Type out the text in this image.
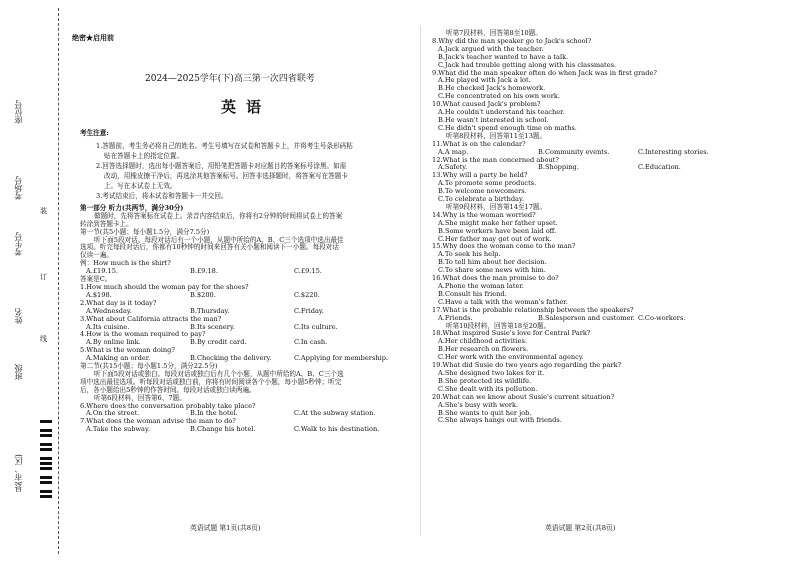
座位号
考场号
考生号
姓名
班级
县(市、区)
装
订
线
绝密★启用前
2024—2025学年(下)高三第一次四省联考
英语
考生注意:
1.答题前，考生务必将自己的姓名、考生号填写在试卷和答题卡上，并将考生号条形码粘
贴在答题卡上的指定位置。
2.回答选择题时，选出每小题答案后，用铅笔把答题卡对应题目的答案标号涂黑。如需
改动，用橡皮擦干净后，再选涂其他答案标号。回答非选择题时，将答案写在答题卡
上。写在本试卷上无效。
3.考试结束后，将本试卷和答题卡一并交回。
第一部分 听力(共两节，满分30分)
做题时，先将答案标在试卷上。录音内容结束后，你将有2分钟的时间将试卷上的答案
转涂到答题卡上。
第一节(共5小题；每小题1.5分，满分7.5分)
听下面5段对话。每段对话后有一个小题，从题中所给的A、B、C三个选项中选出最佳
选项。听完每段对话后，你都有10秒钟的时间来回答有关小题和阅读下一小题。每段对话
仅读一遍。
例：How much is the shirt?
A.£19.15.	B.£9.18.	C.£9.15.
答案是C。
1.How much should the woman pay for the shoes?
A.$198.	B.$200.	C.$220.
2.What day is it today?
A.Wednesday.	B.Thursday.	C.Friday.
3.What about California attracts the man?
A.Its cuisine.	B.Its scenery.	C.Its culture.
4.How is the woman required to pay?
A.By online link.	B.By credit card.	C.In cash.
5.What is the woman doing?
A.Making an order.	B.Checking the delivery.	C.Applying for membership.
第二节(共15小题；每小题1.5分，满分22.5分)
听下面5段对话或独白。每段对话或独白后有几个小题，从题中所给的A、B、C三个选
项中选出最佳选项。听每段对话或独白前，你将有时间阅读各个小题，每小题5秒钟；听完
后，各小题给出5秒钟的作答时间。每段对话或独白读两遍。
听第6段材料，回答第6、7题。
6.Where does the conversation probably take place?
A.On the street.	B.In the hotel.	C.At the subway station.
7.What does the woman advise the man to do?
A.Take the subway.	B.Change his hotel.	C.Walk to his destination.
听第7段材料，回答第8至10题。
8.Why did the man speaker go to Jack's school?
A.Jack argued with the teacher.
B.Jack's teacher wanted to have a talk.
C.Jack had trouble getting along with his classmates.
9.What did the man speaker often do when Jack was in first grade?
A.He played with Jack a lot.
B.He checked Jack's homework.
C.He concentrated on his own work.
10.What caused Jack's problem?
A.He couldn't understand his teacher.
B.He wasn't interested in school.
C.He didn't spend enough time on maths.
听第8段材料，回答第11至13题。
11.What is on the calendar?
A.A map.	B.Community events.	C.Interesting stories.
12.What is the man concerned about?
A.Safety.	B.Shopping.	C.Education.
13.Why will a party be held?
A.To promote some products.
B.To welcome newcomers.
C.To celebrate a birthday.
听第9段材料，回答第14至17题。
14.Why is the woman worried?
A.She might make her father upset.
B.Some workers have been laid off.
C.Her father may get out of work.
15.Why does the woman come to the man?
A.To seek his help.
B.To tell him about her decision.
C.To share some news with him.
16.What does the man promise to do?
A.Phone the woman later.
B.Consult his friend.
C.Have a talk with the woman's father.
17.What is the probable relationship between the speakers?
A.Friends.	B.Salesperson and customer. C.Co-workers.
听第10段材料，回答第18至20题。
18.What inspired Susie's love for Central Park?
A.Her childhood activities.
B.Her research on flowers.
C.Her work with the environmental agency.
19.What did Susie do two years ago regarding the park?
A.She designed two lakes for it.
B.She protected its wildlife.
C.She dealt with its pollution.
20.What can we know about Susie's current situation?
A.She's busy with work.
B.She wants to quit her job.
C.She always hangs out with friends.
英语试题 第1页(共8页)	英语试题 第2页(共8页)
